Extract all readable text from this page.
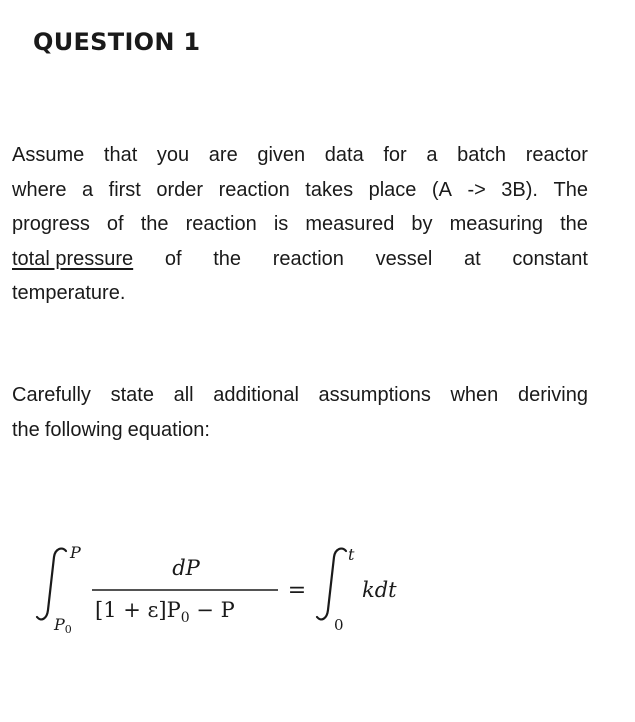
QUESTION 1
Assume that you are given data for a batch reactor
where a first order reaction takes place (A -> 3B). The
progress of the reaction is measured by measuring the
total pressure of the reaction vessel at constant
temperature.
Carefully state all additional assumptions when deriving
the following equation:
P
P0
dP
$[1 + \varepsilon]P_0 - P$
=
t
0
kdt
